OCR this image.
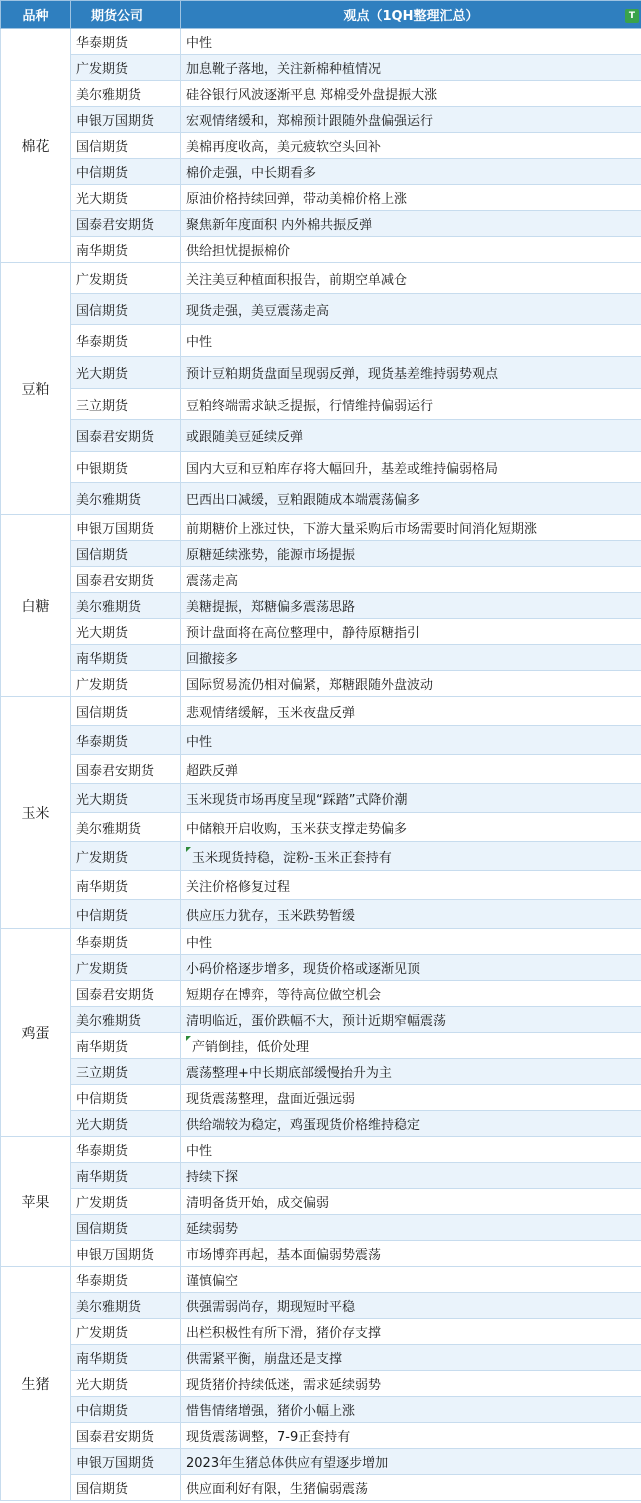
品种	期货公司	观点（1QH整理汇总） T

棉花	华泰期货	中性
	广发期货	加息靴子落地，关注新棉种植情况
	美尔雅期货	硅谷银行风波逐渐平息 郑棉受外盘提振大涨
	申银万国期货	宏观情绪缓和，郑棉预计跟随外盘偏强运行
	国信期货	美棉再度收高，美元疲软空头回补
	中信期货	棉价走强，中长期看多
	光大期货	原油价格持续回弹，带动美棉价格上涨
	国泰君安期货	聚焦新年度面积 内外棉共振反弹
	南华期货	供给担忧提振棉价
豆粕	广发期货	关注美豆种植面积报告，前期空单减仓
	国信期货	现货走强，美豆震荡走高
	华泰期货	中性
	光大期货	预计豆粕期货盘面呈现弱反弹，现货基差维持弱势观点
	三立期货	豆粕终端需求缺乏提振，行情维持偏弱运行
	国泰君安期货	或跟随美豆延续反弹
	中银期货	国内大豆和豆粕库存将大幅回升，基差或维持偏弱格局
	美尔雅期货	巴西出口减缓，豆粕跟随成本端震荡偏多
白糖	申银万国期货	前期糖价上涨过快，下游大量采购后市场需要时间消化短期涨
	国信期货	原糖延续涨势，能源市场提振
	国泰君安期货	震荡走高
	美尔雅期货	美糖提振，郑糖偏多震荡思路
	光大期货	预计盘面将在高位整理中，静待原糖指引
	南华期货	回撤接多
	广发期货	国际贸易流仍相对偏紧，郑糖跟随外盘波动
玉米	国信期货	悲观情绪缓解，玉米夜盘反弹
	华泰期货	中性
	国泰君安期货	超跌反弹
	光大期货	玉米现货市场再度呈现“踩踏”式降价潮
	美尔雅期货	中储粮开启收购，玉米获支撑走势偏多
	广发期货	玉米现货持稳，淀粉-玉米正套持有
	南华期货	关注价格修复过程
	中信期货	供应压力犹存，玉米跌势暂缓
鸡蛋	华泰期货	中性
	广发期货	小码价格逐步增多，现货价格或逐渐见顶
	国泰君安期货	短期存在博弈，等待高位做空机会
	美尔雅期货	清明临近，蛋价跌幅不大，预计近期窄幅震荡
	南华期货	产销倒挂，低价处理
	三立期货	震荡整理+中长期底部缓慢抬升为主
	中信期货	现货震荡整理，盘面近强远弱
	光大期货	供给端较为稳定，鸡蛋现货价格维持稳定
苹果	华泰期货	中性
	南华期货	持续下探
	广发期货	清明备货开始，成交偏弱
	国信期货	延续弱势
	申银万国期货	市场博弈再起，基本面偏弱势震荡
生猪	华泰期货	谨慎偏空
	美尔雅期货	供强需弱尚存，期现短时平稳
	广发期货	出栏积极性有所下滑，猪价存支撑
	南华期货	供需紧平衡，崩盘还是支撑
	光大期货	现货猪价持续低迷，需求延续弱势
	中信期货	惜售情绪增强，猪价小幅上涨
	国泰君安期货	现货震荡调整，7-9正套持有
	申银万国期货	2023年生猪总体供应有望逐步增加
	国信期货	供应面利好有限，生猪偏弱震荡
